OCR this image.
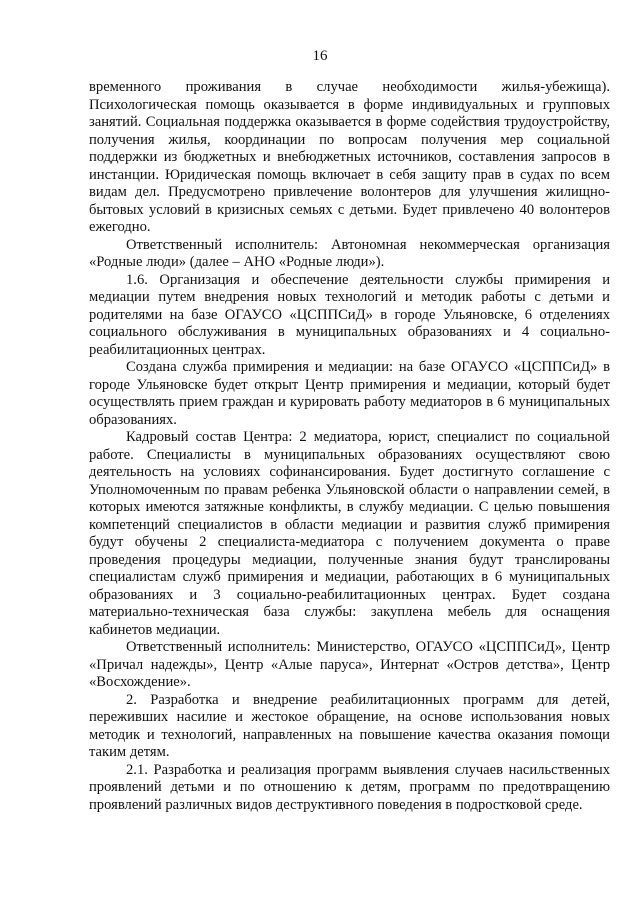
16

временного проживания в случае необходимости жилья-убежища). Психологическая помощь оказывается в форме индивидуальных и групповых занятий. Социальная поддержка оказывается в форме содействия трудоустройству, получения жилья, координации по вопросам получения мер социальной поддержки из бюджетных и внебюджетных источников, составления запросов в инстанции. Юридическая помощь включает в себя защиту прав в судах по всем видам дел. Предусмотрено привлечение волонтеров для улучшения жилищно-бытовых условий в кризисных семьях с детьми. Будет привлечено 40 волонтеров ежегодно.

Ответственный исполнитель: Автономная некоммерческая организация «Родные люди» (далее – АНО «Родные люди»).

1.6. Организация и обеспечение деятельности службы примирения и медиации путем внедрения новых технологий и методик работы с детьми и родителями на базе ОГАУСО «ЦСППСиД» в городе Ульяновске, 6 отделениях социального обслуживания в муниципальных образованиях и 4 социально-реабилитационных центрах.

Создана служба примирения и медиации: на базе ОГАУСО «ЦСППСиД» в городе Ульяновске будет открыт Центр примирения и медиации, который будет осуществлять прием граждан и курировать работу медиаторов в 6 муниципальных образованиях.

Кадровый состав Центра: 2 медиатора, юрист, специалист по социальной работе. Специалисты в муниципальных образованиях осуществляют свою деятельность на условиях софинансирования. Будет достигнуто соглашение с Уполномоченным по правам ребенка Ульяновской области о направлении семей, в которых имеются затяжные конфликты, в службу медиации. С целью повышения компетенций специалистов в области медиации и развития служб примирения будут обучены 2 специалиста-медиатора с получением документа о праве проведения процедуры медиации, полученные знания будут транслированы специалистам служб примирения и медиации, работающих в 6 муниципальных образованиях и 3 социально-реабилитационных центрах. Будет создана материально-техническая база службы: закуплена мебель для оснащения кабинетов медиации.

Ответственный исполнитель: Министерство, ОГАУСО «ЦСППСиД», Центр «Причал надежды», Центр «Алые паруса», Интернат «Остров детства», Центр «Восхождение».

2. Разработка и внедрение реабилитационных программ для детей, переживших насилие и жестокое обращение, на основе использования новых методик и технологий, направленных на повышение качества оказания помощи таким детям.

2.1. Разработка и реализация программ выявления случаев насильственных проявлений детьми и по отношению к детям, программ по предотвращению проявлений различных видов деструктивного поведения в подростковой среде.
